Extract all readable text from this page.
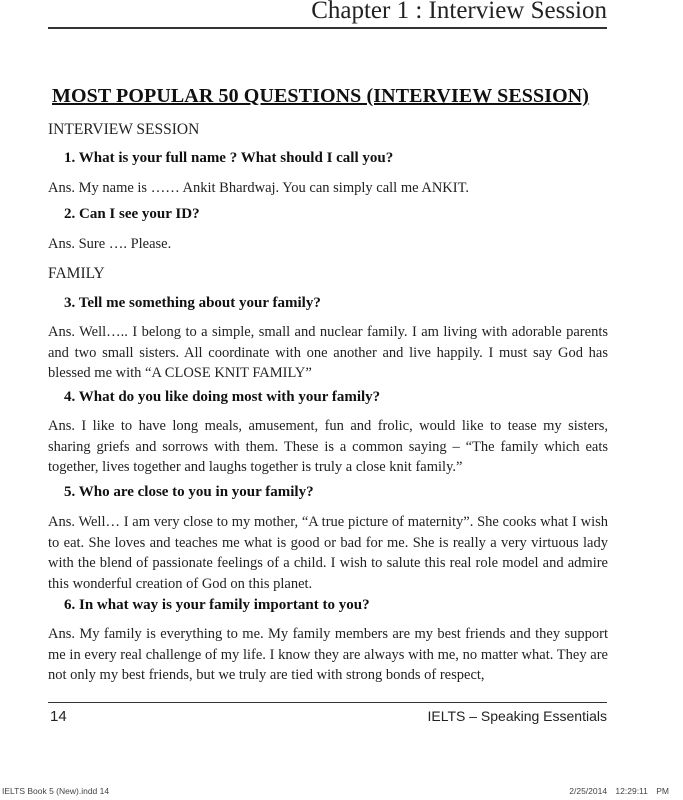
Chapter 1 : Interview Session
MOST POPULAR 50 QUESTIONS (INTERVIEW SESSION)
INTERVIEW SESSION
1. What is your full name ? What should I call you?
Ans. My name is …… Ankit Bhardwaj. You can simply call me ANKIT.
2. Can I see your ID?
Ans. Sure …. Please.
FAMILY
3. Tell me something about your family?
Ans. Well….. I belong to a simple, small and nuclear family. I am living with adorable parents and two small sisters. All coordinate with one another and live happily. I must say God has blessed me with “A CLOSE KNIT FAMILY”
4. What do you like doing most with your family?
Ans. I like to have long meals, amusement, fun and frolic, would like to tease my sisters, sharing griefs and sorrows with them. These is a common saying – “The family which eats together, lives together and laughs together is truly a close knit family.”
5. Who are close to you in your family?
Ans. Well… I am very close to my mother, “A true picture of maternity”. She cooks what I wish to eat. She loves and teaches me what is good or bad for me. She is really a very virtuous lady with the blend of passionate feelings of a child. I wish to salute this real role model and admire this wonderful creation of God on this planet.
6. In what way is your family important to you?
Ans. My family is everything to me. My family members are my best friends and they support me in every real challenge of my life. I know they are always with me, no matter what. They are not only my best friends, but we truly are tied with strong bonds of respect,
14	IELTS – Speaking Essentials
IELTS Book 5 (New).indd 14	2/25/2014 12:29:11 PM
